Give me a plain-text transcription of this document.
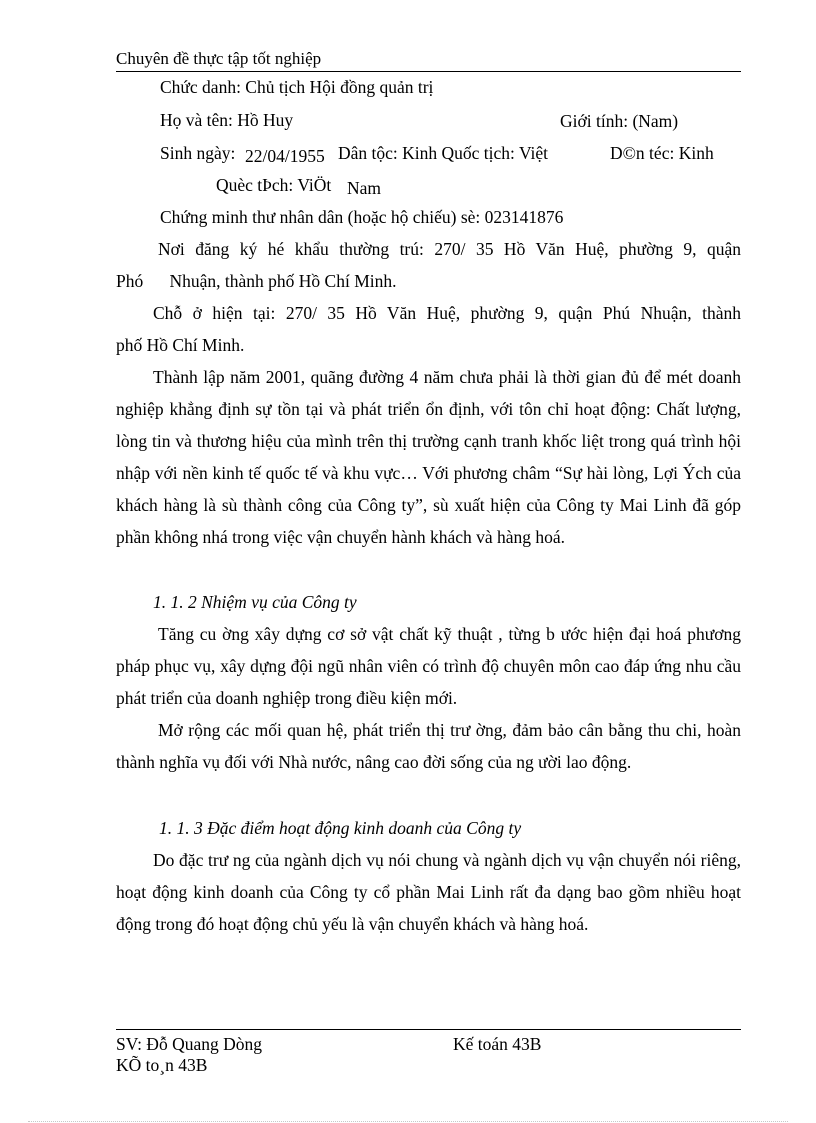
Chuyên đề thực tập tốt nghiệp
Chức danh: Chủ tịch Hội đồng quản trị
Họ và tên: Hồ Huy	Giới tính: (Nam)
Sinh ngày: 22/04/1955 Dân tộc: Kinh Quốc tịch: Việt	D©n téc: Kinh
Quèc tÞch: ViÖt Nam
Chứng minh thư nhân dân (hoặc hộ chiếu) sè: 023141876
Nơi đăng ký hé khẩu thường trú: 270/ 35 Hồ Văn Huệ, phường 9, quận
Phó      Nhuận, thành phố Hồ Chí Minh.
Chỗ ở hiện tại: 270/ 35 Hồ Văn Huệ, phường 9, quận Phú Nhuận, thành
phố Hồ Chí Minh.
Thành lập năm 2001, quãng đường 4 năm chưa phải là thời gian đủ để mét doanh nghiệp khẳng định sự tồn tại và phát triển ổn định, với tôn chỉ hoạt động: Chất lượng, lòng tin và thương hiệu của mình trên thị trường cạnh tranh khốc liệt trong quá trình hội nhập với nền kinh tế quốc tế và khu vực… Với phương châm “Sự hài lòng, Lợi Ých của khách hàng là sù thành công của Công ty”, sù xuất hiện của Công ty Mai Linh đã góp phần không nhá trong việc vận chuyển hành khách và hàng hoá.
1. 1. 2 Nhiệm vụ của Công ty
Tăng cu ờng xây dựng cơ sở vật chất kỹ thuật , từng b ước hiện đại hoá phương pháp phục vụ, xây dựng đội ngũ nhân viên có trình độ chuyên môn cao đáp ứng nhu cầu phát triển của doanh nghiệp trong điều kiện mới.
Mở rộng các mối quan hệ, phát triển thị trư ờng, đảm bảo cân bằng thu chi, hoàn thành nghĩa vụ đối với Nhà nước, nâng cao đời sống của ng ười lao động.
1. 1. 3 Đặc điểm hoạt động kinh doanh của Công ty
Do đặc trư ng của ngành dịch vụ nói chung và ngành dịch vụ vận chuyển nói riêng, hoạt động kinh doanh của Công ty cổ phần Mai Linh rất đa dạng bao gồm nhiều hoạt động trong đó hoạt động chủ yếu là vận chuyển khách và hàng hoá.
SV: Đỗ Quang Dòng	Kế toán 43B
KÕ to¸n 43B
